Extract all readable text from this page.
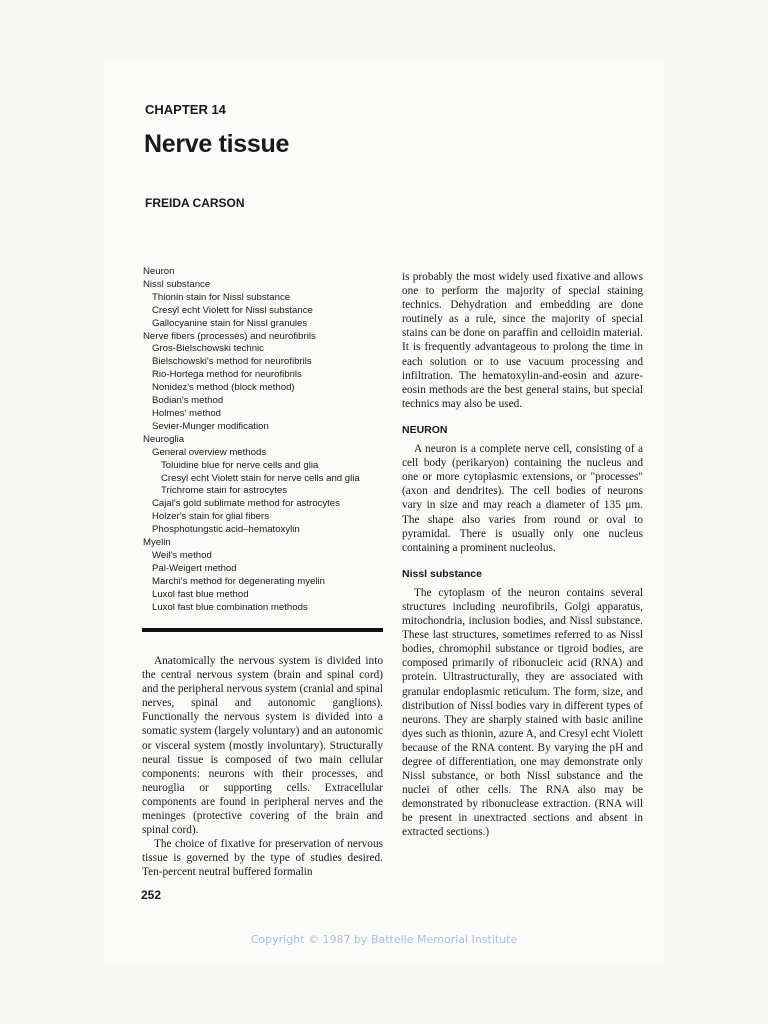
CHAPTER 14
Nerve tissue
FREIDA CARSON
Neuron
Nissl substance
Thionin stain for Nissl substance
Cresyl echt Violett for Nissl substance
Gallocyanine stain for Nissl granules
Nerve fibers (processes) and neurofibrils
Gros-Bielschowski technic
Bielschowski's method for neurofibrils
Rio-Hortega method for neurofibrils
Nonidez's method (block method)
Bodian's method
Holmes' method
Sevier-Munger modification
Neuroglia
General overview methods
Toluidine blue for nerve cells and glia
Cresyl echt Violett stain for nerve cells and glia
Trichrome stain for astrocytes
Cajal's gold sublimate method for astrocytes
Holzer's stain for glial fibers
Phosphotungstic acid–hematoxylin
Myelin
Weil's method
Pal-Weigert method
Marchi's method for degenerating myelin
Luxol fast blue method
Luxol fast blue combination methods

Anatomically the nervous system is divided into the central nervous system (brain and spinal cord) and the peripheral nervous system (cranial and spinal nerves, spinal and autonomic ganglions). Functionally the nervous system is divided into a somatic system (largely voluntary) and an autonomic or visceral system (mostly involuntary). Structurally neural tissue is composed of two main cellular components: neurons with their processes, and neuroglia or supporting cells. Extracellular components are found in peripheral nerves and the meninges (protective covering of the brain and spinal cord).

The choice of fixative for preservation of nervous tissue is governed by the type of studies desired. Ten-percent neutral buffered formalin

is probably the most widely used fixative and allows one to perform the majority of special staining technics. Dehydration and embedding are done routinely as a rule, since the majority of special stains can be done on paraffin and celloidin material. It is frequently advantageous to prolong the time in each solution or to use vacuum processing and infiltration. The hematoxylin-and-eosin and azure-eosin methods are the best general stains, but special technics may also be used.

NEURON

A neuron is a complete nerve cell, consisting of a cell body (perikaryon) containing the nucleus and one or more cytoplasmic extensions, or "processes" (axon and dendrites). The cell bodies of neurons vary in size and may reach a diameter of 135 μm. The shape also varies from round or oval to pyramidal. There is usually only one nucleus containing a prominent nucleolus.

Nissl substance

The cytoplasm of the neuron contains several structures including neurofibrils, Golgi apparatus, mitochondria, inclusion bodies, and Nissl substance. These last structures, sometimes referred to as Nissl bodies, chromophil substance or tigroid bodies, are composed primarily of ribonucleic acid (RNA) and protein. Ultrastructurally, they are associated with granular endoplasmic reticulum. The form, size, and distribution of Nissl bodies vary in different types of neurons. They are sharply stained with basic aniline dyes such as thionin, azure A, and Cresyl echt Violett because of the RNA content. By varying the pH and degree of differentiation, one may demonstrate only Nissl substance, or both Nissl substance and the nuclei of other cells. The RNA also may be demonstrated by ribonuclease extraction. (RNA will be present in unextracted sections and absent in extracted sections.)

252
Copyright © 1987 by Battelle Memorial Institute
